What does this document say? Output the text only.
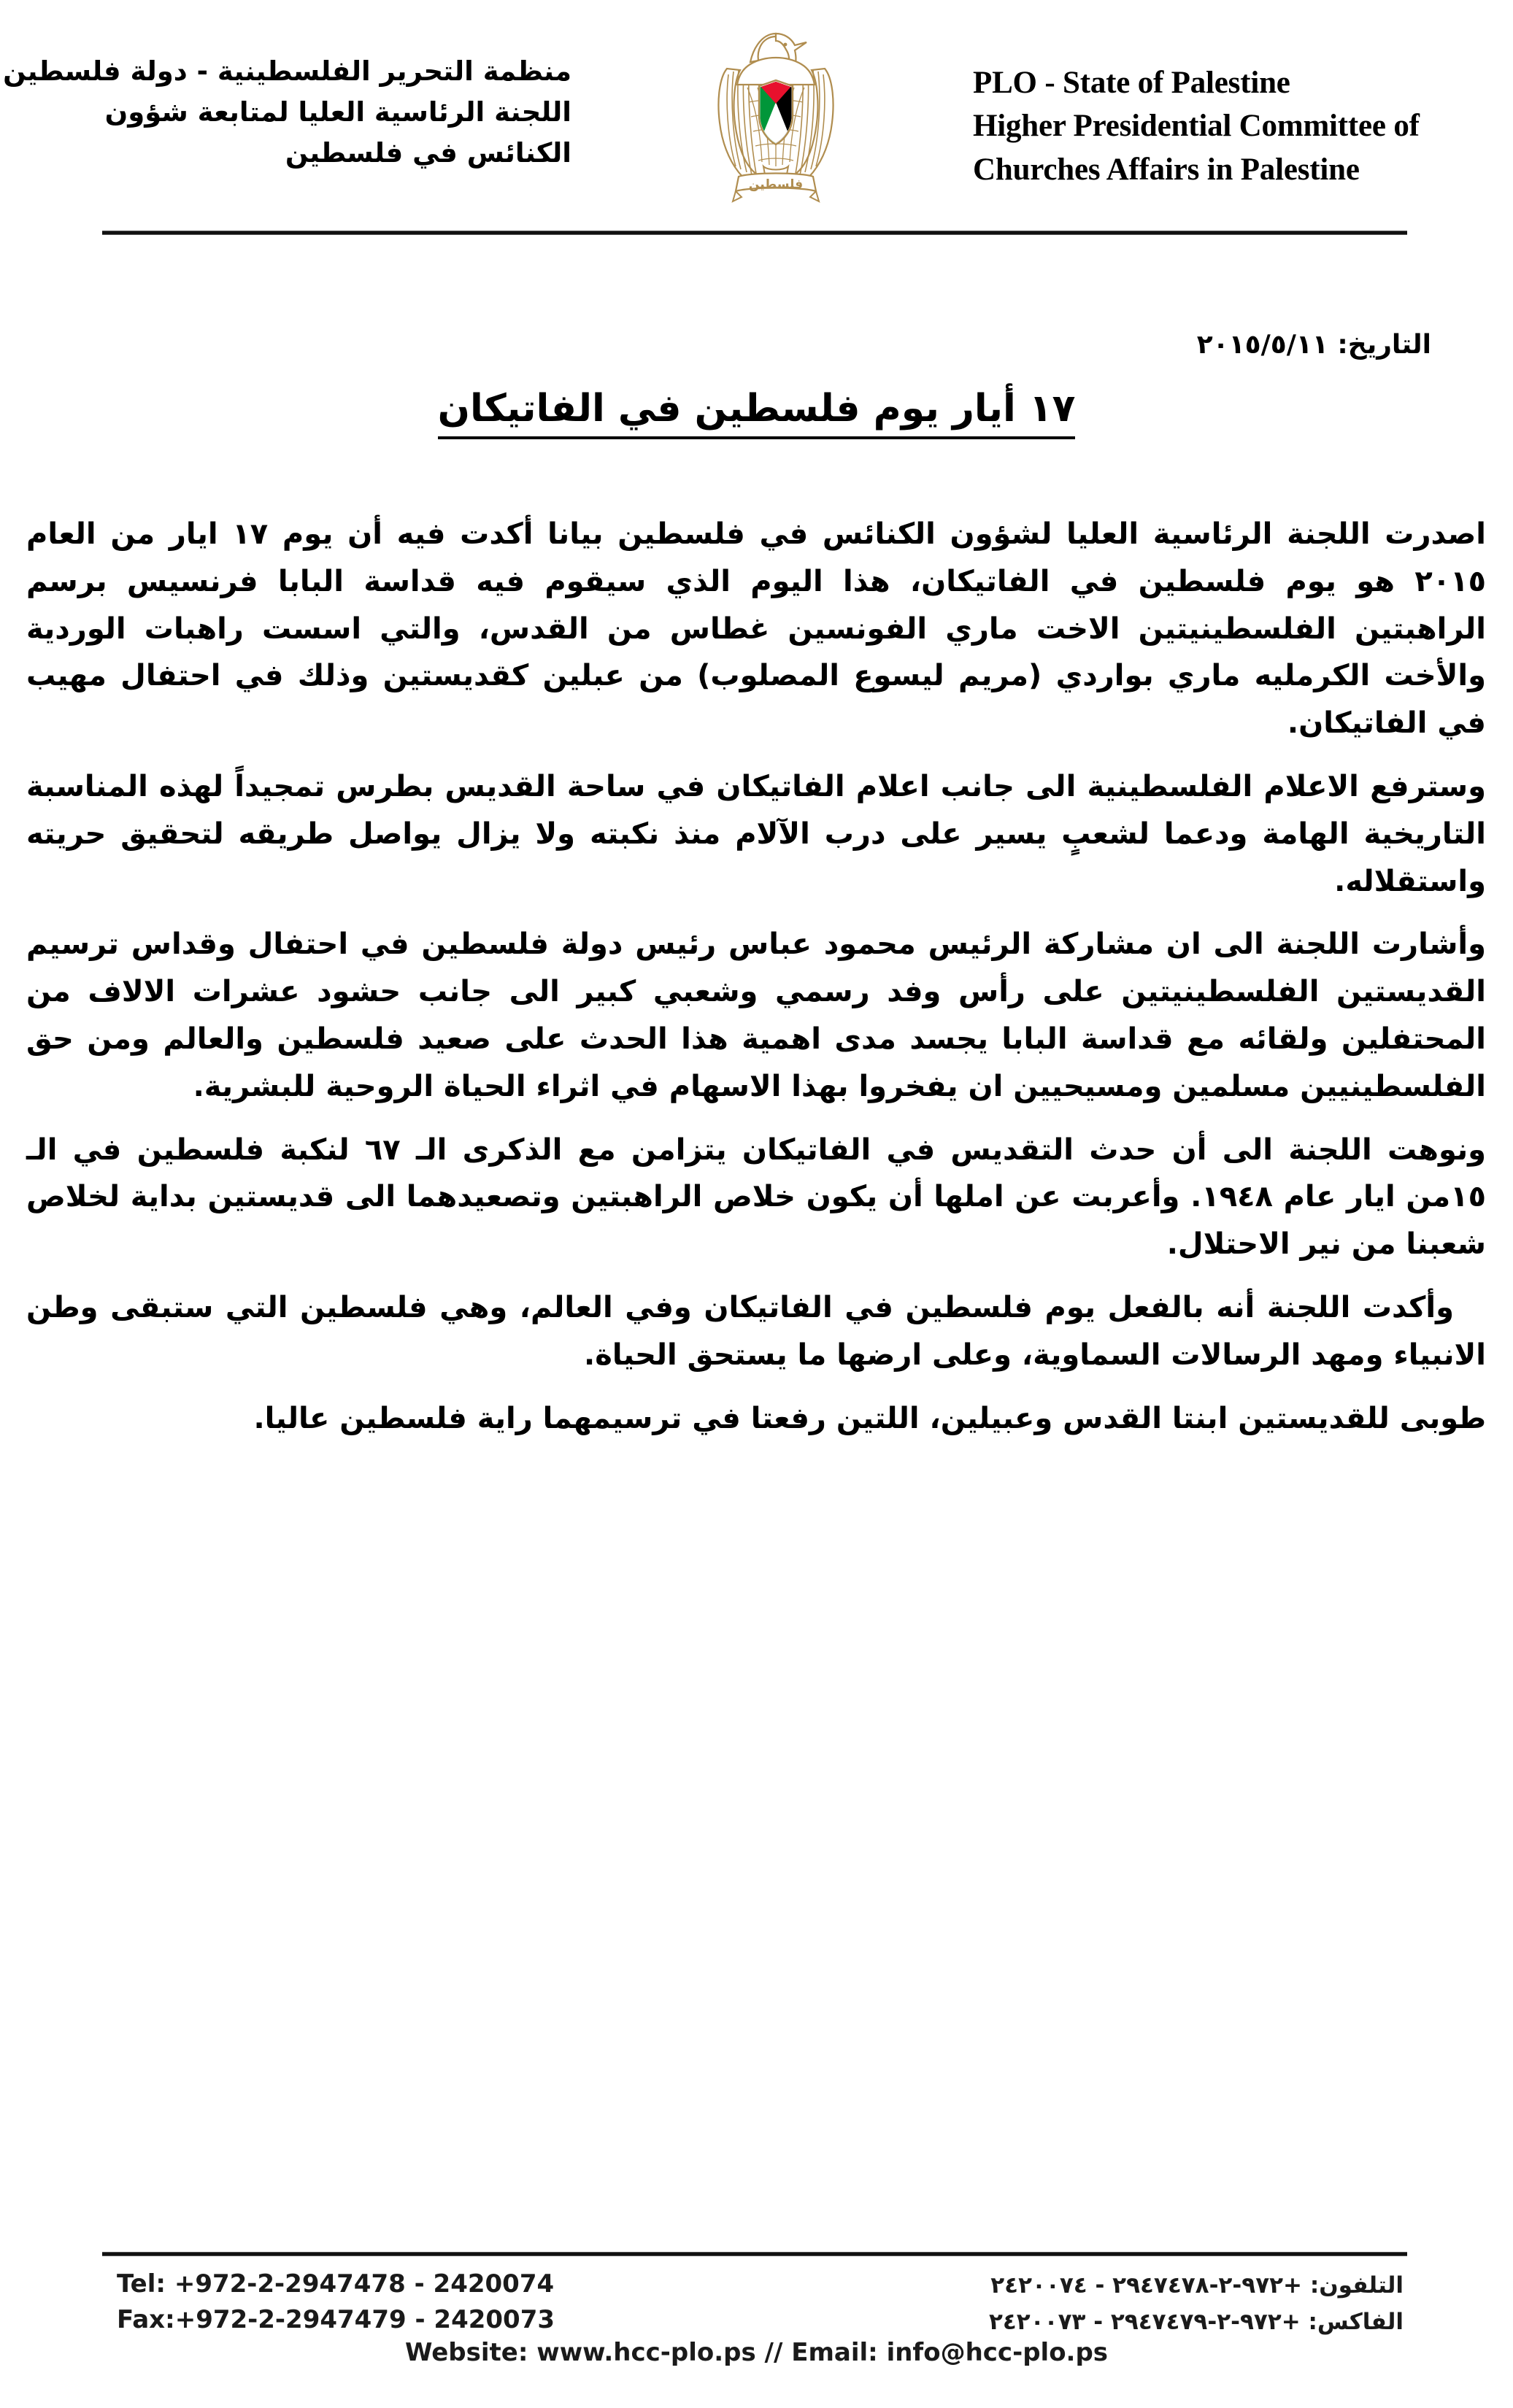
PLO - State of Palestine
Higher Presidential Committee of
Churches Affairs in Palestine
فلسطين
منظمة التحرير الفلسطينية - دولة فلسطين
اللجنة الرئاسية العليا لمتابعة شؤون
الكنائس في فلسطين
التاريخ: ٢٠١٥/٥/١١
١٧ أيار يوم فلسطين في الفاتيكان

اصدرت اللجنة الرئاسية العليا لشؤون الكنائس في فلسطين بيانا أكدت فيه أن يوم ١٧ ايار من العام ٢٠١٥ هو يوم فلسطين في الفاتيكان، هذا اليوم الذي سيقوم فيه قداسة البابا فرنسيس برسم الراهبتين الفلسطينيتين الاخت ماري الفونسين غطاس من القدس، والتي اسست راهبات الوردية والأخت الكرمليه ماري بواردي (مريم ليسوع المصلوب) من عبلين كقديستين وذلك في احتفال مهيب في الفاتيكان.

وسترفع الاعلام الفلسطينية الى جانب اعلام الفاتيكان في ساحة القديس بطرس تمجيداً لهذه المناسبة التاريخية الهامة ودعما لشعبٍ يسير على درب الآلام منذ نكبته ولا يزال يواصل طريقه لتحقيق حريته واستقلاله.

وأشارت اللجنة الى ان مشاركة الرئيس محمود عباس رئيس دولة فلسطين في احتفال وقداس ترسيم القديستين الفلسطينيتين على رأس وفد رسمي وشعبي كبير الى جانب حشود عشرات الالاف من المحتفلين ولقائه مع قداسة البابا يجسد مدى اهمية هذا الحدث على صعيد فلسطين والعالم ومن حق الفلسطينيين مسلمين ومسيحيين ان يفخروا بهذا الاسهام في اثراء الحياة الروحية للبشرية.

ونوهت اللجنة الى أن حدث التقديس في الفاتيكان يتزامن مع الذكرى الـ ٦٧ لنكبة فلسطين في الـ ١٥من ايار عام ١٩٤٨. وأعربت عن املها أن يكون خلاص الراهبتين وتصعيدهما الى قديستين بداية لخلاص شعبنا من نير الاحتلال.

وأكدت اللجنة أنه بالفعل يوم فلسطين في الفاتيكان وفي العالم، وهي فلسطين التي ستبقى وطن الانبياء ومهد الرسالات السماوية، وعلى ارضها ما يستحق الحياة.

طوبى للقديستين ابنتا القدس وعبيلين، اللتين رفعتا في ترسيمهما راية فلسطين عاليا.

Tel: +972-2-2947478 - 2420074
Fax:+972-2-2947479 - 2420073
التلفون: +٩٧٢-٢-٢٩٤٧٤٧٨ - ٢٤٢٠٠٧٤
الفاكس: +٩٧٢-٢-٢٩٤٧٤٧٩ - ٢٤٢٠٠٧٣
Website: www.hcc-plo.ps // Email: info@hcc-plo.ps
